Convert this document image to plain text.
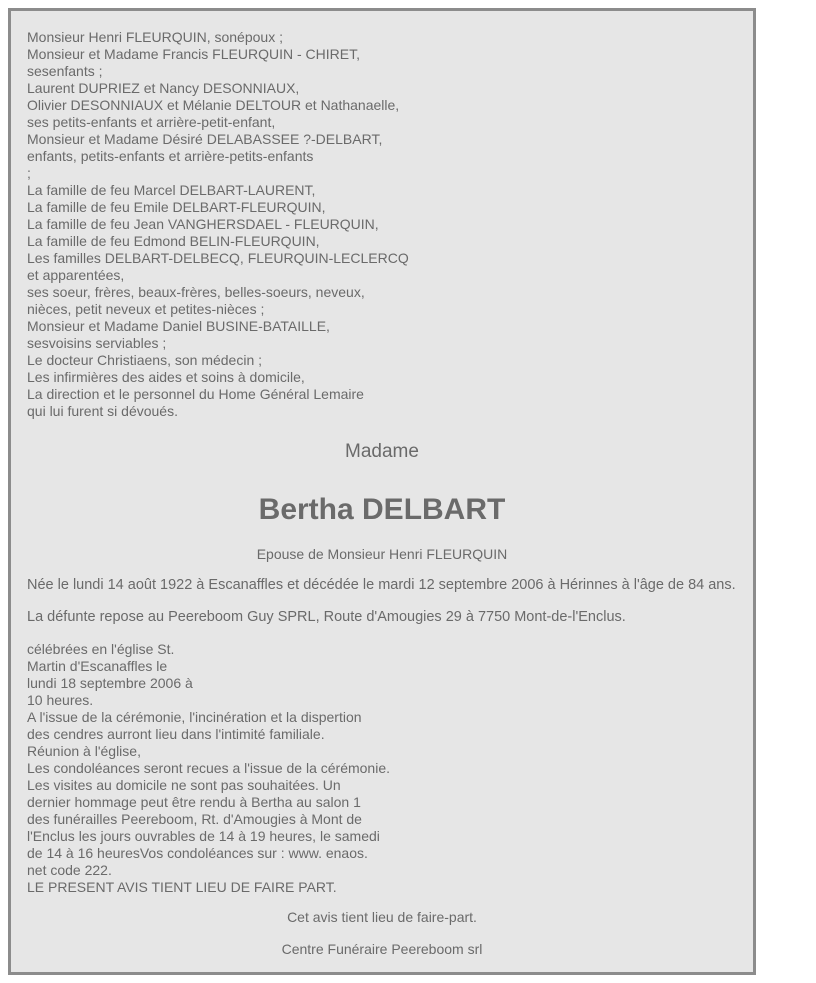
Monsieur Henri FLEURQUIN, sonépoux ;
Monsieur et Madame Francis FLEURQUIN - CHIRET,
sesenfants ;
Laurent DUPRIEZ et Nancy DESONNIAUX,
Olivier DESONNIAUX et Mélanie DELTOUR et Nathanaelle,
ses petits-enfants et arrière-petit-enfant,
Monsieur et Madame Désiré DELABASSEE ?-DELBART,
enfants, petits-enfants et arrière-petits-enfants
;
La famille de feu Marcel DELBART-LAURENT,
La famille de feu Emile DELBART-FLEURQUIN,
La famille de feu Jean VANGHERSDAEL - FLEURQUIN,
La famille de feu Edmond BELIN-FLEURQUIN,
Les familles DELBART-DELBECQ, FLEURQUIN-LECLERCQ
et apparentées,
ses soeur, frères, beaux-frères, belles-soeurs, neveux,
nièces, petit neveux et petites-nièces ;
Monsieur et Madame Daniel BUSINE-BATAILLE,
sesvoisins serviables ;
Le docteur Christiaens, son médecin ;
Les infirmières des aides et soins à domicile,
La direction et le personnel du Home Général Lemaire
qui lui furent si dévoués.
Madame
Bertha DELBART
Epouse de Monsieur Henri FLEURQUIN
Née le lundi 14 août 1922 à Escanaffles et décédée le mardi 12 septembre 2006 à Hérinnes à l'âge de 84 ans.
La défunte repose au Peereboom Guy SPRL, Route d'Amougies 29 à 7750 Mont-de-l'Enclus.
célébrées en l'église St.
Martin d'Escanaffles le
lundi 18 septembre 2006 à
10 heures.
A l'issue de la cérémonie, l'incinération et la dispertion
des cendres aurront lieu dans l'intimité familiale.
Réunion à l'église,
Les condoléances seront recues a l'issue de la cérémonie.
Les visites au domicile ne sont pas souhaitées. Un
dernier hommage peut être rendu à Bertha au salon 1
des funérailles Peereboom, Rt. d'Amougies à Mont de
l'Enclus les jours ouvrables de 14 à 19 heures, le samedi
de 14 à 16 heuresVos condoléances sur : www. enaos.
net code 222.
LE PRESENT AVIS TIENT LIEU DE FAIRE PART.
Cet avis tient lieu de faire-part.
Centre Funéraire Peereboom srl
